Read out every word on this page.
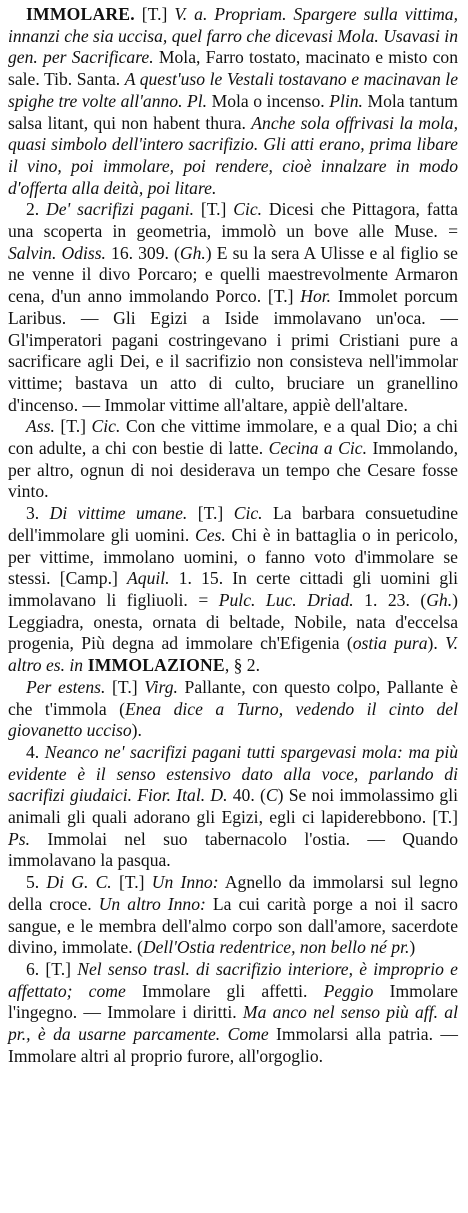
IMMOLARE. [T.] V. a. Propriam. Spargere sulla vittima, innanzi che sia uccisa, quel farro che dicevasi Mola. Usavasi in gen. per Sacrificare. Mola, Farro tostato, macinato e misto con sale. Tib. Santa. A quest'uso le Vestali tostavano e macinavan le spighe tre volte all'anno. Pl. Mola o incenso. Plin. Mola tantum salsa litant, qui non habent thura. Anche sola offrivasi la mola, quasi simbolo dell'intero sacrifizio. Gli atti erano, prima libare il vino, poi immolare, poi rendere, cioè innalzare in modo d'offerta alla deità, poi litare.

2. De' sacrifizi pagani. [T.] Cic. Dicesi che Pittagora, fatta una scoperta in geometria, immolò un bove alle Muse. = Salvin. Odiss. 16. 309. (Gh.) E su la sera A Ulisse e al figlio se ne venne il divo Porcaro; e quelli maestrevolmente Armaron cena, d'un anno immolando Porco. [T.] Hor. Immolet porcum Laribus. — Gli Egizi a Iside immolavano un'oca. — Gl'imperatori pagani costringevano i primi Cristiani pure a sacrificare agli Dei, e il sacrifizio non consisteva nell'immolar vittime; bastava un atto di culto, bruciare un granellino d'incenso. — Immolar vittime all'altare, appiè dell'altare.

Ass. [T.] Cic. Con che vittime immolare, e a qual Dio; a chi con adulte, a chi con bestie di latte. Cecina a Cic. Immolando, per altro, ognun di noi desiderava un tempo che Cesare fosse vinto.

3. Di vittime umane. [T.] Cic. La barbara consuetudine dell'immolare gli uomini. Ces. Chi è in battaglia o in pericolo, per vittime, immolano uomini, o fanno voto d'immolare se stessi. [Camp.] Aquil. 1. 15. In certe cittadi gli uomini gli immolavano li figliuoli. = Pulc. Luc. Driad. 1. 23. (Gh.) Leggiadra, onesta, ornata di beltade, Nobile, nata d'eccelsa progenia, Più degna ad immolare ch'Efigenia (ostia pura). V. altro es. in IMMOLAZIONE, § 2.

Per estens. [T.] Virg. Pallante, con questo colpo, Pallante è che t'immola (Enea dice a Turno, vedendo il cinto del giovanetto ucciso).

4. Neanco ne' sacrifizi pagani tutti spargevasi mola: ma più evidente è il senso estensivo dato alla voce, parlando di sacrifizi giudaici. Fior. Ital. D. 40. (C) Se noi immolassimo gli animali gli quali adorano gli Egizi, egli ci lapiderebbono. [T.] Ps. Immolai nel suo tabernacolo l'ostia. — Quando immolavano la pasqua.

5. Di G. C. [T.] Un Inno: Agnello da immolarsi sul legno della croce. Un altro Inno: La cui carità porge a noi il sacro sangue, e le membra dell'almo corpo son dall'amore, sacerdote divino, immolate. (Dell'Ostia redentrice, non bello né pr.)

6. [T.] Nel senso trasl. di sacrifizio interiore, è improprio e affettato; come Immolare gli affetti. Peggio Immolare l'ingegno. — Immolare i diritti. Ma anco nel senso più aff. al pr., è da usarne parcamente. Come Immolarsi alla patria. — Immolare altri al proprio furore, all'orgoglio.
